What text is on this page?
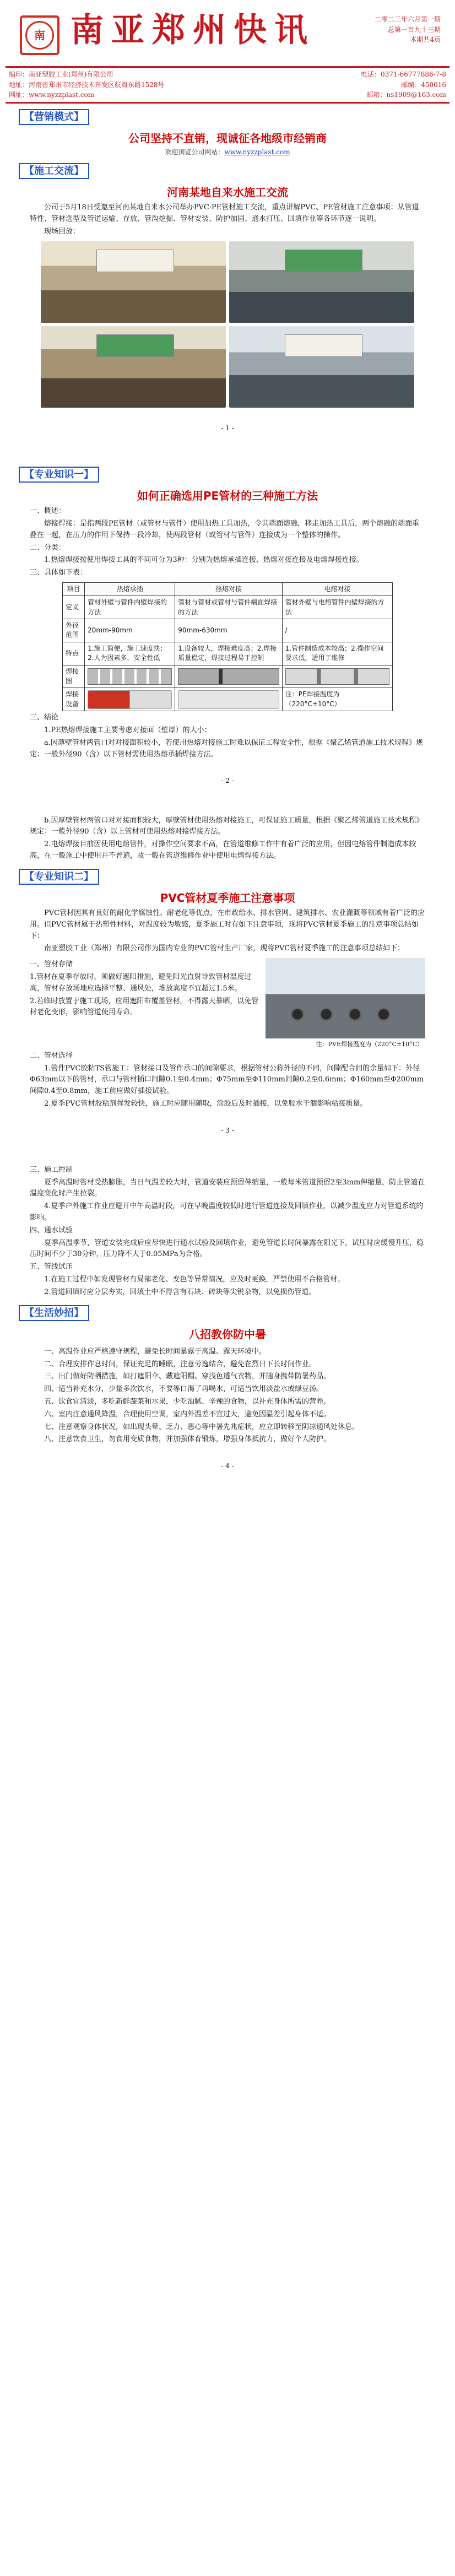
南 南亚郑州快讯	二零二三年六月第一期
总第一百九十三期
本期共4页
编印：南亚塑胶工业(郑州)有限公司	电话：0371-66777886-7-8
地址：河南省郑州市经济技术开发区航海东路1528号	邮编：450016
网址：www.nyzzplast.com	邮箱：ns1909@163.com
【营销模式】
公司坚持不直销，现诚征各地级市经销商
欢迎浏览公司网站：www.nyzzplast.com
【施工交流】
河南某地自来水施工交流

公司于5月18日受邀至河南某地自来水公司举办PVC·PE管材施工交流，重点讲解PVC、PE管材施工注意事项：从管道特性、管材选型及管道运输、存放、管沟挖掘、管材安装、防护加固、通水打压、回填作业等各环节逐一说明。

现场回放：

- 1 -
【专业知识一】
如何正确选用PE管材的三种施工方法
一、概述：

熔接焊接：是指两段PE管材（或管材与管件）使用加热工具加热，令其端面熔融，移走加热工具后，两个熔融的端面重叠在一起，在压力的作用下保持一段冷却，使两段管材（或管材与管件）连接成为一个整体的操作。

二、分类：

1.热熔焊接按使用焊接工具的不同可分为3种：分别为热熔承插连接、热熔对接连接及电熔焊接连接。

三、具体如下表：
项目	热熔承插	热熔对接	电熔对接
定义	管材外壁与管件内壁焊接的方法	管材与管材或管材与管件端面焊接的方法	管材外壁与电熔管件内壁焊接的方法
外径范围	20mm-90mm	90mm-630mm	/
特点	1.施工简便，施工速度快；2.人为因素多，安全性低	1.设备较大，焊接难度高；2.焊接质量稳定，焊接过程易于控制	1.管件制造成本较高；2.操作空间要求低，适用于维修
焊接图	

焊接设备			注：PE焊接温度为（220°C±10°C）
三、结论

1.PE热熔焊接施工主要考虑对接面（壁厚）的大小：

a.因薄壁管材两管口对对接面积较小，若使用热熔对接施工时难以保证工程安全性，根据《聚乙烯管道施工技术规程》规定：一般外径90（含）以下管材需使用热熔承插焊接方法。

- 2 -

b.因厚壁管材两管口对对接面积较大，厚壁管材使用热熔对接施工，可保证施工质量，根据《聚乙烯管道施工技术规程》规定：一般外径90（含）以上管材可使用热熔对接焊接方法。

2.电熔焊接目前因使用电熔管件，对操作空间要求不高，在管道维修工作中有着广泛的应用，但因电熔管件制造成本较高，在一般施工中使用并不普遍，故一般在管道维修作业中使用电熔焊接方法。

【专业知识二】
PVC管材夏季施工注意事项

PVC管材因其有良好的耐化学腐蚀性、耐老化等优点，在市政给水、排水管网、建筑排水、农业灌溉等领域有着广泛的应用。但PVC管材属于热塑性材料，对温度较为敏感，夏季施工时有如下注意事项，现将PVC管材夏季施工的注意事项总结如下：

南亚塑胶工业（郑州）有限公司作为国内专业的PVC管材生产厂家，现将PVC管材夏季施工的注意事项总结如下：

一、管材存储

1.管材在夏季存放时，须做好遮阳措施，避免阳光直射导致管材温度过高，管材存放场地应选择平整、通风处，堆放高度不宜超过1.5米。

2.若临时放置于施工现场，应用遮阳布覆盖管材，不得露天暴晒，以免管材老化变形，影响管道使用寿命。

注：PVE焊接温度为（220°C±10°C）
二、管材选择

1.管件PVC胶粘TS管施工：管材接口及管件承口的间隙要求，根据管材公称外径的不同，间隙配合间的余量如下：外径Φ63mm以下的管材，承口与管材插口间隙0.1至0.4mm；Φ75mm至Φ110mm间隙0.2至0.6mm；Φ160mm至Φ200mm间隙0.4至0.8mm，施工前应做好插接试验。

2.夏季PVC管材胶粘剂挥发较快，施工时应随用随取，涂胶后及时插接，以免胶水干涸影响粘接质量。

- 3 -
三、施工控制

夏季高温时管材受热膨胀，当日气温差较大时，管道安装应预留伸缩量，一般每米管道预留2至3mm伸缩量，防止管道在温度变化时产生拉裂。

4.夏季户外施工作业应避开中午高温时段，可在早晚温度较低时进行管道连接及回填作业，以减少温度应力对管道系统的影响。

四、通水试验

夏季高温季节，管道安装完成后应尽快进行通水试验及回填作业，避免管道长时间暴露在阳光下，试压时应缓慢升压，稳压时间不少于30分钟，压力降不大于0.05MPa为合格。

五、管线试压

1.在施工过程中如发现管材有局部老化、变色等异常情况，应及时更换，严禁使用不合格管材。

2.管道回填时应分层夯实，回填土中不得含有石块、砖块等尖锐杂物，以免损伤管道。

【生活妙招】
八招教你防中暑

一、高温作业应严格遵守规程，避免长时间暴露于高温、露天环境中。

二、合理安排作息时间，保证充足的睡眠，注意劳逸结合，避免在烈日下长时间作业。

三、出门做好防晒措施，如打遮阳伞、戴遮阳帽、穿浅色透气衣物，并随身携带防暑药品。

四、适当补充水分，少量多次饮水，不要等口渴了再喝水，可适当饮用淡盐水或绿豆汤。

五、饮食宜清淡，多吃新鲜蔬菜和水果，少吃油腻、辛辣的食物，以补充身体所需的营养。

六、室内注意通风降温，合理使用空调，室内外温差不宜过大，避免因温差引起身体不适。

七、注意观察身体状况，如出现头晕、乏力、恶心等中暑先兆症状，应立即转移至阴凉通风处休息。

八、注意饮食卫生，勿食用变质食物，并加强体育锻炼，增强身体抵抗力，做好个人防护。

- 4 -
